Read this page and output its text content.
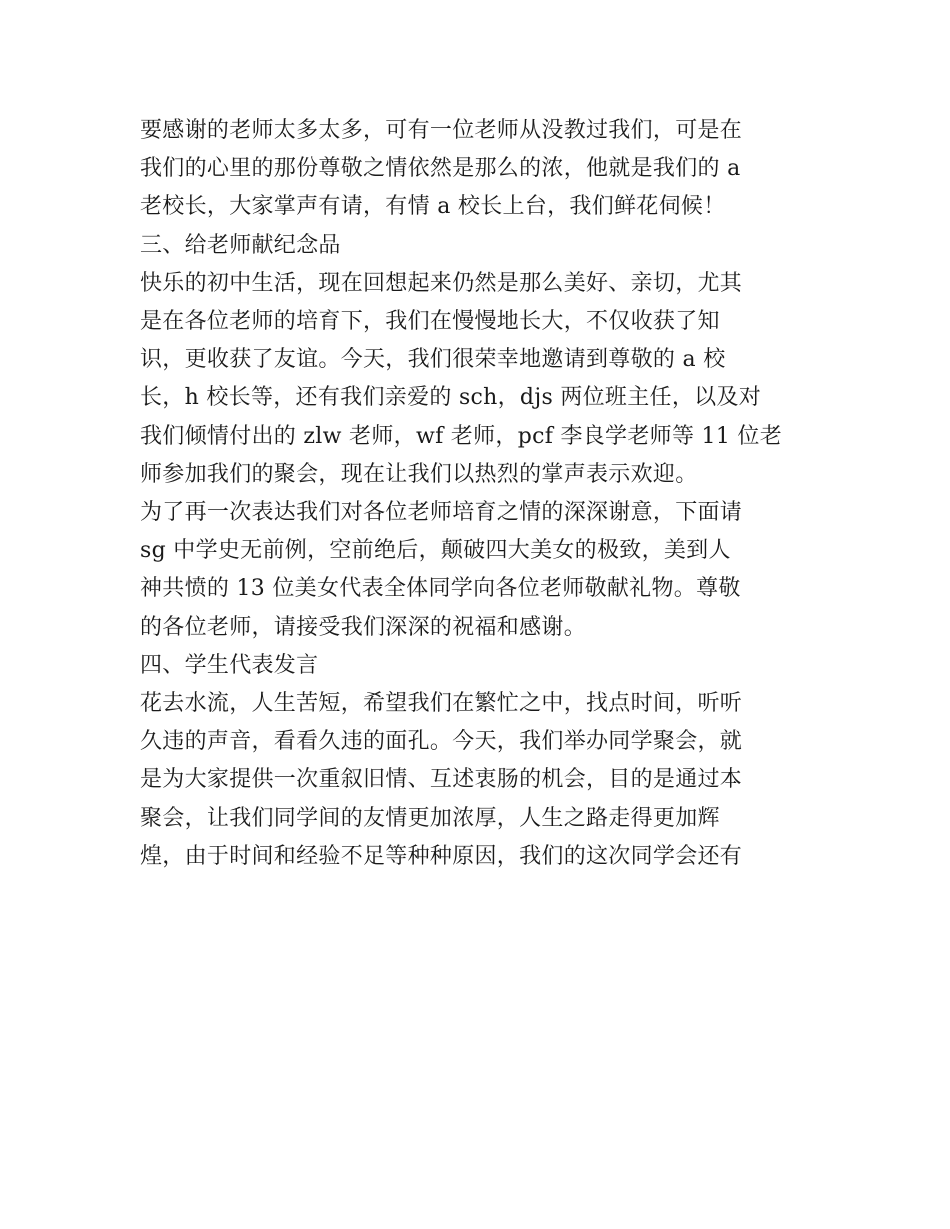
要感谢的老师太多太多，可有一位老师从没教过我们，可是在
我们的心里的那份尊敬之情依然是那么的浓，他就是我们的 a
老校长，大家掌声有请，有情 a 校长上台，我们鲜花伺候！
三、给老师献纪念品
快乐的初中生活，现在回想起来仍然是那么美好、亲切，尤其
是在各位老师的培育下，我们在慢慢地长大，不仅收获了知
识，更收获了友谊。今天，我们很荣幸地邀请到尊敬的 a 校
长，h 校长等，还有我们亲爱的 sch，djs 两位班主任，以及对
我们倾情付出的 zlw 老师，wf 老师，pcf 李良学老师等 11 位老
师参加我们的聚会，现在让我们以热烈的掌声表示欢迎。
为了再一次表达我们对各位老师培育之情的深深谢意，下面请
sg 中学史无前例，空前绝后，颠破四大美女的极致，美到人
神共愤的 13 位美女代表全体同学向各位老师敬献礼物。尊敬
的各位老师，请接受我们深深的祝福和感谢。
四、学生代表发言
花去水流，人生苦短，希望我们在繁忙之中，找点时间，听听
久违的声音，看看久违的面孔。今天，我们举办同学聚会，就
是为大家提供一次重叙旧情、互述衷肠的机会，目的是通过本
聚会，让我们同学间的友情更加浓厚，人生之路走得更加辉
煌，由于时间和经验不足等种种原因，我们的这次同学会还有
